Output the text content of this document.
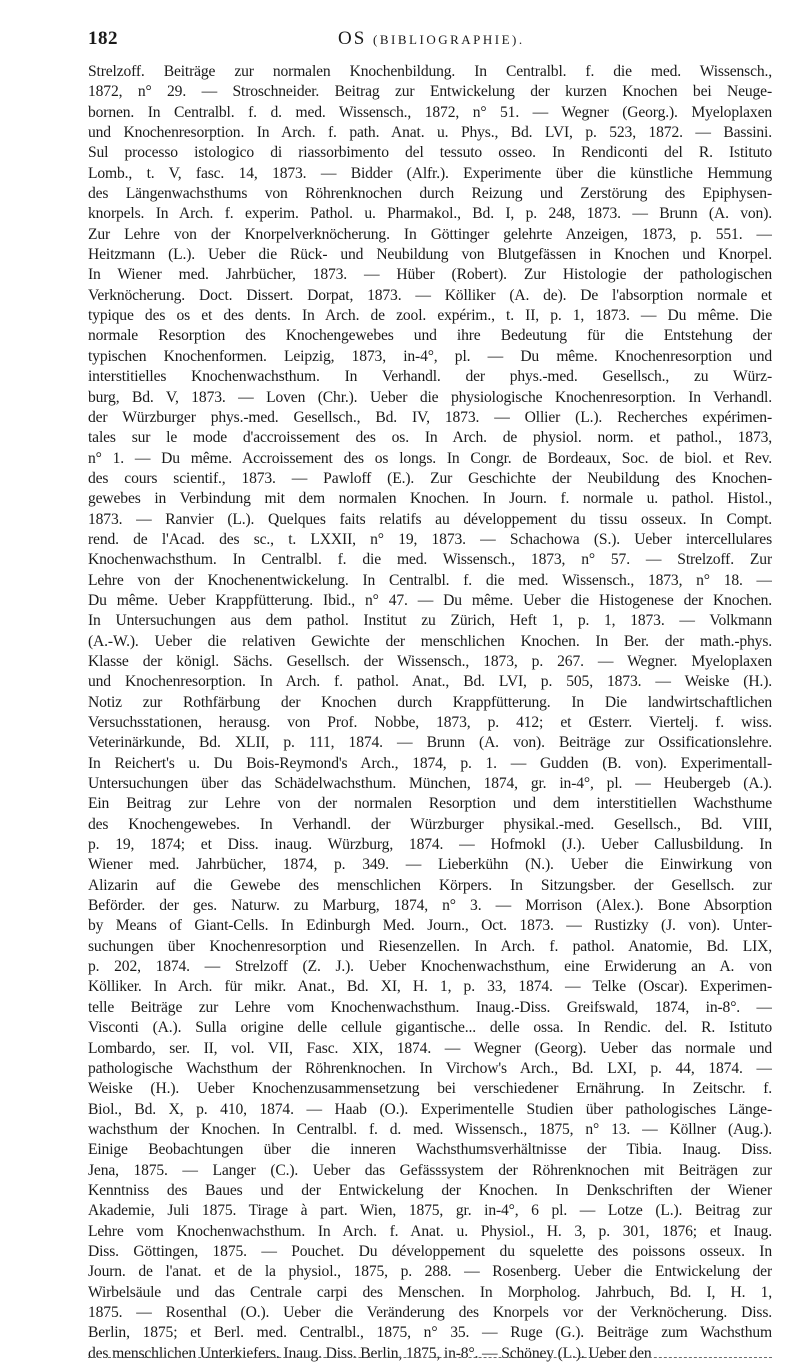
182	OS (BIBLIOGRAPHIE).
Strelzoff. Beiträge zur normalen Knochenbildung. In Centralbl. f. die med. Wissensch.,
1872, n° 29. — Stroschneider. Beitrag zur Entwickelung der kurzen Knochen bei Neuge-
bornen. In Centralbl. f. d. med. Wissensch., 1872, n° 51. — Wegner (Georg.). Myeloplaxen
und Knochenresorption. In Arch. f. path. Anat. u. Phys., Bd. LVI, p. 523, 1872. — Bassini.
Sul processo istologico di riassorbimento del tessuto osseo. In Rendiconti del R. Istituto
Lomb., t. V, fasc. 14, 1873. — Bidder (Alfr.). Experimente über die künstliche Hemmung
des Längenwachsthums von Röhrenknochen durch Reizung und Zerstörung des Epiphysen-
knorpels. In Arch. f. experim. Pathol. u. Pharmakol., Bd. I, p. 248, 1873. — Brunn (A. von).
Zur Lehre von der Knorpelverknöcherung. In Göttinger gelehrte Anzeigen, 1873, p. 551. —
Heitzmann (L.). Ueber die Rück- und Neubildung von Blutgefässen in Knochen und Knorpel.
In Wiener med. Jahrbücher, 1873. — Hüber (Robert). Zur Histologie der pathologischen
Verknöcherung. Doct. Dissert. Dorpat, 1873. — Kölliker (A. de). De l'absorption normale et
typique des os et des dents. In Arch. de zool. expérim., t. II, p. 1, 1873. — Du même. Die
normale Resorption des Knochengewebes und ihre Bedeutung für die Entstehung der
typischen Knochenformen. Leipzig, 1873, in-4°, pl. — Du même. Knochenresorption und
interstitielles Knochenwachsthum. In Verhandl. der phys.-med. Gesellsch., zu Würz-
burg, Bd. V, 1873. — Loven (Chr.). Ueber die physiologische Knochenresorption. In Verhandl.
der Würzburger phys.-med. Gesellsch., Bd. IV, 1873. — Ollier (L.). Recherches expérimen-
tales sur le mode d'accroissement des os. In Arch. de physiol. norm. et pathol., 1873,
n° 1. — Du même. Accroissement des os longs. In Congr. de Bordeaux, Soc. de biol. et Rev.
des cours scientif., 1873. — Pawloff (E.). Zur Geschichte der Neubildung des Knochen-
gewebes in Verbindung mit dem normalen Knochen. In Journ. f. normale u. pathol. Histol.,
1873. — Ranvier (L.). Quelques faits relatifs au développement du tissu osseux. In Compt.
rend. de l'Acad. des sc., t. LXXII, n° 19, 1873. — Schachowa (S.). Ueber intercellulares
Knochenwachsthum. In Centralbl. f. die med. Wissensch., 1873, n° 57. — Strelzoff. Zur
Lehre von der Knochenentwickelung. In Centralbl. f. die med. Wissensch., 1873, n° 18. —
Du même. Ueber Krappfütterung. Ibid., n° 47. — Du même. Ueber die Histogenese der Knochen.
In Untersuchungen aus dem pathol. Institut zu Zürich, Heft 1, p. 1, 1873. — Volkmann
(A.-W.). Ueber die relativen Gewichte der menschlichen Knochen. In Ber. der math.-phys.
Klasse der königl. Sächs. Gesellsch. der Wissensch., 1873, p. 267. — Wegner. Myeloplaxen
und Knochenresorption. In Arch. f. pathol. Anat., Bd. LVI, p. 505, 1873. — Weiske (H.).
Notiz zur Rothfärbung der Knochen durch Krappfütterung. In Die landwirtschaftlichen
Versuchsstationen, herausg. von Prof. Nobbe, 1873, p. 412; et Œsterr. Viertelj. f. wiss.
Veterinärkunde, Bd. XLII, p. 111, 1874. — Brunn (A. von). Beiträge zur Ossificationslehre.
In Reichert's u. Du Bois-Reymond's Arch., 1874, p. 1. — Gudden (B. von). Experimentall-
Untersuchungen über das Schädelwachsthum. München, 1874, gr. in-4°, pl. — Heubergeb (A.).
Ein Beitrag zur Lehre von der normalen Resorption und dem interstitiellen Wachsthume
des Knochengewebes. In Verhandl. der Würzburger physikal.-med. Gesellsch., Bd. VIII,
p. 19, 1874; et Diss. inaug. Würzburg, 1874. — Hofmokl (J.). Ueber Callusbildung. In
Wiener med. Jahrbücher, 1874, p. 349. — Lieberkühn (N.). Ueber die Einwirkung von
Alizarin auf die Gewebe des menschlichen Körpers. In Sitzungsber. der Gesellsch. zur
Beförder. der ges. Naturw. zu Marburg, 1874, n° 3. — Morrison (Alex.). Bone Absorption
by Means of Giant-Cells. In Edinburgh Med. Journ., Oct. 1873. — Rustizky (J. von). Unter-
suchungen über Knochenresorption und Riesenzellen. In Arch. f. pathol. Anatomie, Bd. LIX,
p. 202, 1874. — Strelzoff (Z. J.). Ueber Knochenwachsthum, eine Erwiderung an A. von
Kölliker. In Arch. für mikr. Anat., Bd. XI, H. 1, p. 33, 1874. — Telke (Oscar). Experimen-
telle Beiträge zur Lehre vom Knochenwachsthum. Inaug.-Diss. Greifswald, 1874, in-8°. —
Visconti (A.). Sulla origine delle cellule gigantische... delle ossa. In Rendic. del. R. Istituto
Lombardo, ser. II, vol. VII, Fasc. XIX, 1874. — Wegner (Georg). Ueber das normale und
pathologische Wachsthum der Röhrenknochen. In Virchow's Arch., Bd. LXI, p. 44, 1874. —
Weiske (H.). Ueber Knochenzusammensetzung bei verschiedener Ernährung. In Zeitschr. f.
Biol., Bd. X, p. 410, 1874. — Haab (O.). Experimentelle Studien über pathologisches Länge-
wachsthum der Knochen. In Centralbl. f. d. med. Wissensch., 1875, n° 13. — Köllner (Aug.).
Einige Beobachtungen über die inneren Wachsthumsverhältnisse der Tibia. Inaug. Diss.
Jena, 1875. — Langer (C.). Ueber das Gefässsystem der Röhrenknochen mit Beiträgen zur
Kenntniss des Baues und der Entwickelung der Knochen. In Denkschriften der Wiener
Akademie, Juli 1875. Tirage à part. Wien, 1875, gr. in-4°, 6 pl. — Lotze (L.). Beitrag zur
Lehre vom Knochenwachsthum. In Arch. f. Anat. u. Physiol., H. 3, p. 301, 1876; et Inaug.
Diss. Göttingen, 1875. — Pouchet. Du développement du squelette des poissons osseux. In
Journ. de l'anat. et de la physiol., 1875, p. 288. — Rosenberg. Ueber die Entwickelung der
Wirbelsäule und das Centrale carpi des Menschen. In Morpholog. Jahrbuch, Bd. I, H. 1,
1875. — Rosenthal (O.). Ueber die Veränderung des Knorpels vor der Verknöcherung. Diss.
Berlin, 1875; et Berl. med. Centralbl., 1875, n° 35. — Ruge (G.). Beiträge zum Wachsthum
des menschlichen Unterkiefers. Inaug. Diss. Berlin, 1875, in-8°. — Schöney (L.). Ueber den
